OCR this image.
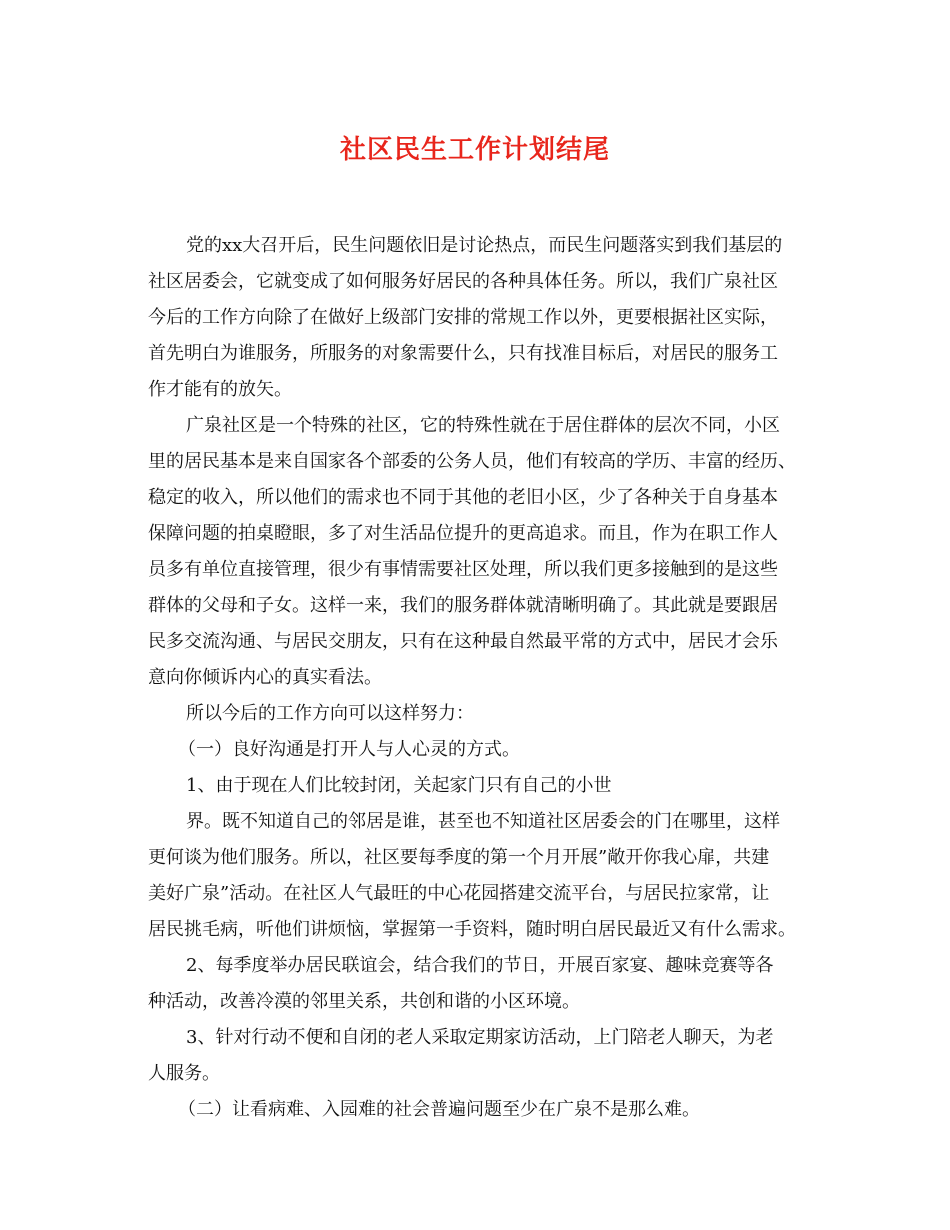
社区民生工作计划结尾

党的xx大召开后，民生问题依旧是讨论热点，而民生问题落实到我们基层的

社区居委会，它就变成了如何服务好居民的各种具体任务。所以，我们广泉社区

今后的工作方向除了在做好上级部门安排的常规工作以外，更要根据社区实际，

首先明白为谁服务，所服务的对象需要什么，只有找准目标后，对居民的服务工

作才能有的放矢。

广泉社区是一个特殊的社区，它的特殊性就在于居住群体的层次不同，小区

里的居民基本是来自国家各个部委的公务人员，他们有较高的学历、丰富的经历、

稳定的收入，所以他们的需求也不同于其他的老旧小区，少了各种关于自身基本

保障问题的拍桌瞪眼，多了对生活品位提升的更高追求。而且，作为在职工作人

员多有单位直接管理，很少有事情需要社区处理，所以我们更多接触到的是这些

群体的父母和子女。这样一来，我们的服务群体就清晰明确了。其此就是要跟居

民多交流沟通、与居民交朋友，只有在这种最自然最平常的方式中，居民才会乐

意向你倾诉内心的真实看法。

所以今后的工作方向可以这样努力：

（一）良好沟通是打开人与人心灵的方式。

1、由于现在人们比较封闭，关起家门只有自己的小世

界。既不知道自己的邻居是谁，甚至也不知道社区居委会的门在哪里，这样

更何谈为他们服务。所以，社区要每季度的第一个月开展”敞开你我心扉，共建

美好广泉”活动。在社区人气最旺的中心花园搭建交流平台，与居民拉家常，让

居民挑毛病，听他们讲烦恼，掌握第一手资料，随时明白居民最近又有什么需求。

2、每季度举办居民联谊会，结合我们的节日，开展百家宴、趣味竞赛等各

种活动，改善冷漠的邻里关系，共创和谐的小区环境。

3、针对行动不便和自闭的老人采取定期家访活动，上门陪老人聊天，为老

人服务。

（二）让看病难、入园难的社会普遍问题至少在广泉不是那么难。
